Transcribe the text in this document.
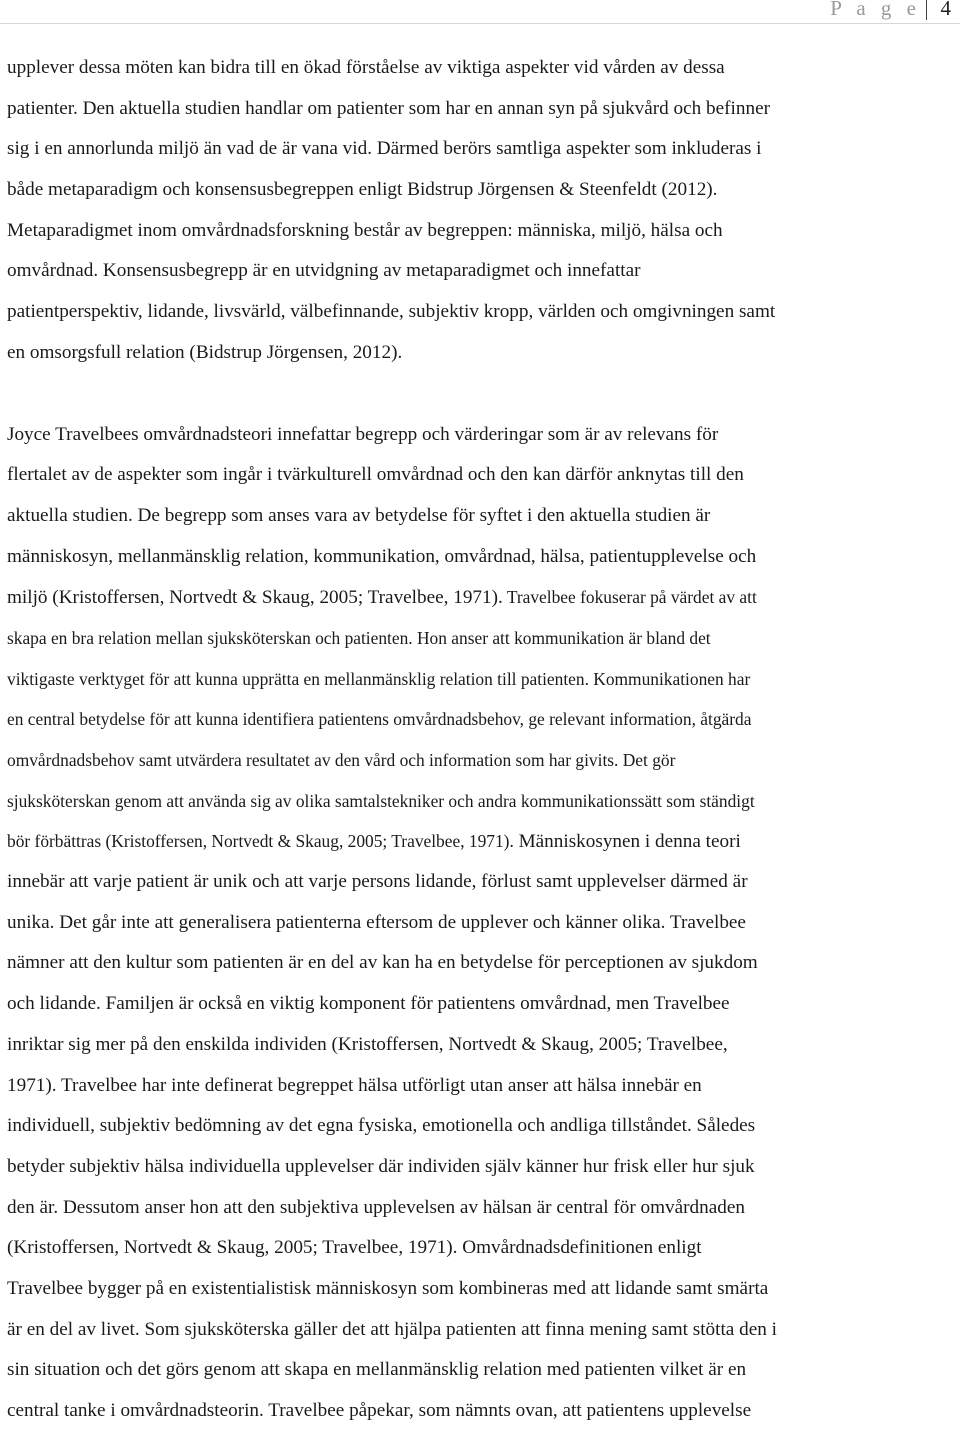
P a g e 4
upplever dessa möten kan bidra till en ökad förståelse av viktiga aspekter vid vården av dessa
patienter. Den aktuella studien handlar om patienter som har en annan syn på sjukvård och befinner
sig i en annorlunda miljö än vad de är vana vid. Därmed berörs samtliga aspekter som inkluderas i
både metaparadigm och konsensusbegreppen enligt Bidstrup Jörgensen & Steenfeldt (2012).
Metaparadigmet inom omvårdnadsforskning består av begreppen: människa, miljö, hälsa och
omvårdnad. Konsensusbegrepp är en utvidgning av metaparadigmet och innefattar
patientperspektiv, lidande, livsvärld, välbefinnande, subjektiv kropp, världen och omgivningen samt
en omsorgsfull relation (Bidstrup Jörgensen, 2012).
Joyce Travelbees omvårdnadsteori innefattar begrepp och värderingar som är av relevans för
flertalet av de aspekter som ingår i tvärkulturell omvårdnad och den kan därför anknytas till den
aktuella studien. De begrepp som anses vara av betydelse för syftet i den aktuella studien är
människosyn, mellanmänsklig relation, kommunikation, omvårdnad, hälsa, patientupplevelse och
miljö (Kristoffersen, Nortvedt & Skaug, 2005; Travelbee, 1971). Travelbee fokuserar på värdet av att
skapa en bra relation mellan sjuksköterskan och patienten. Hon anser att kommunikation är bland det
viktigaste verktyget för att kunna upprätta en mellanmänsklig relation till patienten. Kommunikationen har
en central betydelse för att kunna identifiera patientens omvårdnadsbehov, ge relevant information, åtgärda
omvårdnadsbehov samt utvärdera resultatet av den vård och information som har givits. Det gör
sjuksköterskan genom att använda sig av olika samtalstekniker och andra kommunikationssätt som ständigt
bör förbättras (Kristoffersen, Nortvedt & Skaug, 2005; Travelbee, 1971). Människosynen i denna teori
innebär att varje patient är unik och att varje persons lidande, förlust samt upplevelser därmed är
unika. Det går inte att generalisera patienterna eftersom de upplever och känner olika. Travelbee
nämner att den kultur som patienten är en del av kan ha en betydelse för perceptionen av sjukdom
och lidande. Familjen är också en viktig komponent för patientens omvårdnad, men Travelbee
inriktar sig mer på den enskilda individen (Kristoffersen, Nortvedt & Skaug, 2005; Travelbee,
1971). Travelbee har inte definerat begreppet hälsa utförligt utan anser att hälsa innebär en
individuell, subjektiv bedömning av det egna fysiska, emotionella och andliga tillståndet. Således
betyder subjektiv hälsa individuella upplevelser där individen själv känner hur frisk eller hur sjuk
den är. Dessutom anser hon att den subjektiva upplevelsen av hälsan är central för omvårdnaden
(Kristoffersen, Nortvedt & Skaug, 2005; Travelbee, 1971). Omvårdnadsdefinitionen enligt
Travelbee bygger på en existentialistisk människosyn som kombineras med att lidande samt smärta
är en del av livet. Som sjuksköterska gäller det att hjälpa patienten att finna mening samt stötta den i
sin situation och det görs genom att skapa en mellanmänsklig relation med patienten vilket är en
central tanke i omvårdnadsteorin. Travelbee påpekar, som nämnts ovan, att patientens upplevelse
